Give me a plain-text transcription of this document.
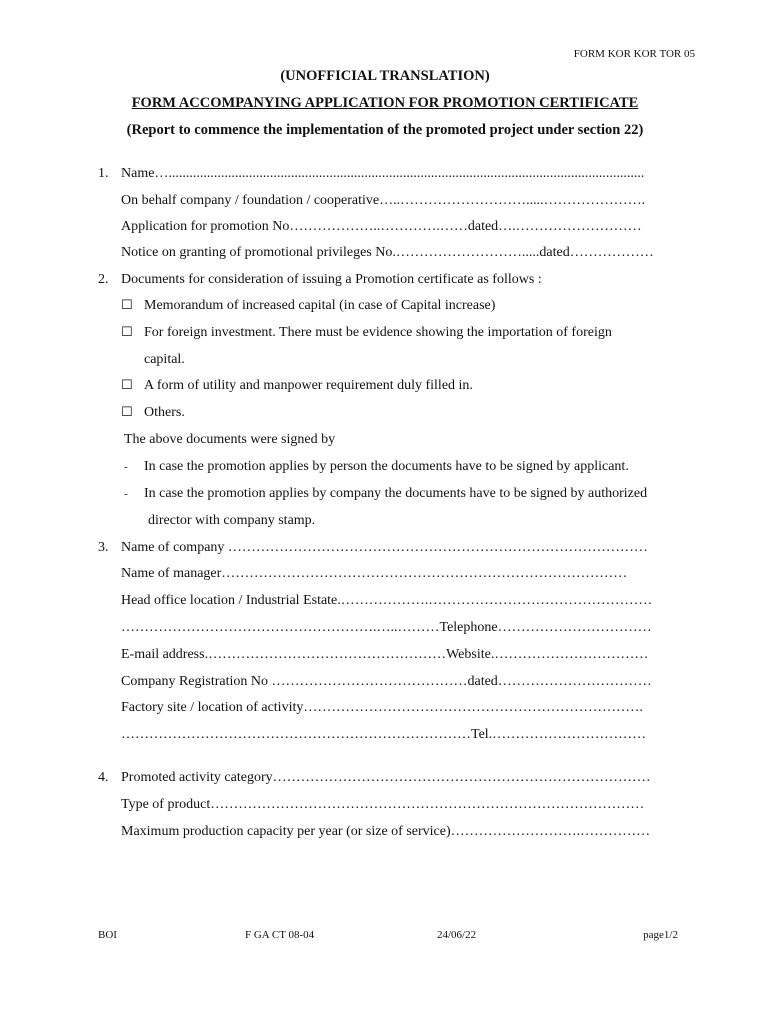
FORM KOR KOR TOR 05
(UNOFFICIAL TRANSLATION)
FORM ACCOMPANYING APPLICATION FOR PROMOTION CERTIFICATE
(Report to commence the implementation of the promoted project under section 22)
1. Name…........................................................................................................................................
On behalf company / foundation / cooperative…..……………………….....………………….
Application for promotion No………………..………….……dated….………………………
Notice on granting of promotional privileges No.……………………….....dated………………
2. Documents for consideration of issuing a Promotion certificate as follows :
☐ Memorandum of increased capital (in case of Capital increase)
☐ For foreign investment. There must be evidence showing the importation of foreign
capital.
☐ A form of utility and manpower requirement duly filled in.
☐ Others.
The above documents were signed by
- In case the promotion applies by person the documents have to be signed by applicant.
- In case the promotion applies by company the documents have to be signed by authorized
director with company stamp.
3. Name of company ………………………………………………………………………………
Name of manager……………………………………………………………………………
Head office location / Industrial Estate.……………….…………………………………………
……………………………………………….…..………Telephone……………………………
E-mail address.……………………………………………Website.……………………………
Company Registration No ……………………………………dated……………………………
Factory site / location of activity……………………………………………………………….
…………………………………………………………………Tel.……………………………
4. Promoted activity category………………………………………………………………………
Type of product…………………………………………………………………………………
Maximum production capacity per year (or size of service)……………………….……………
BOI	F GA CT 08-04	24/06/22	page1/2
